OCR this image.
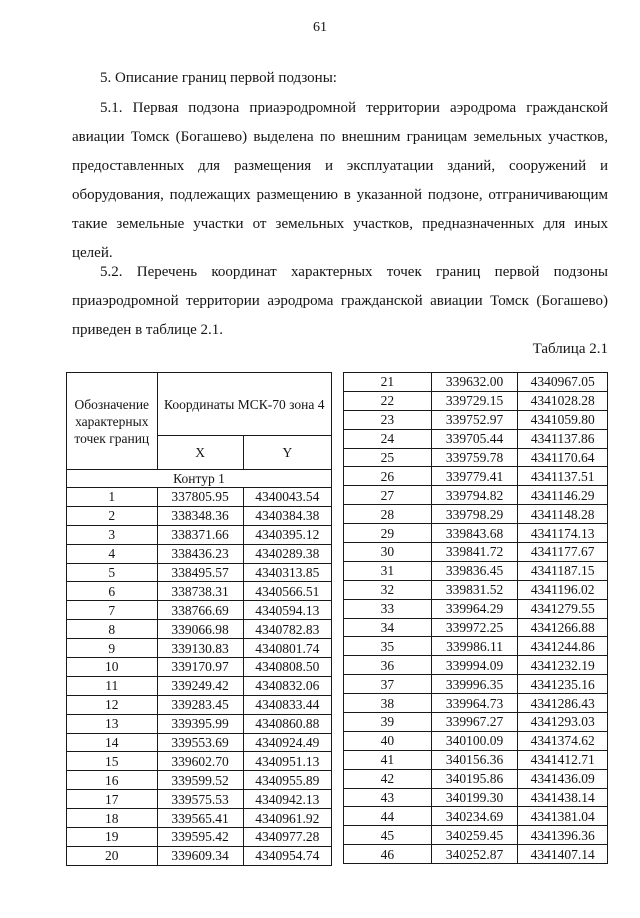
61
5. Описание границ первой подзоны:
5.1. Первая подзона приаэродромной территории аэродрома гражданской авиации Томск (Богашево) выделена по внешним границам земельных участков, предоставленных для размещения и эксплуатации зданий, сооружений и оборудования, подлежащих размещению в указанной подзоне, отграничивающим такие земельные участки от земельных участков, предназначенных для иных целей.
5.2. Перечень координат характерных точек границ первой подзоны приаэродромной территории аэродрома гражданской авиации Томск (Богашево) приведен в таблице 2.1.
Таблица 2.1
Обозначение характерных точек границ	Координаты МСК-70 зона 4	
	X	Y
Контур 1		
1	337805.95	4340043.54
2	338348.36	4340384.38
3	338371.66	4340395.12
4	338436.23	4340289.38
5	338495.57	4340313.85
6	338738.31	4340566.51
7	338766.69	4340594.13
8	339066.98	4340782.83
9	339130.83	4340801.74
10	339170.97	4340808.50
11	339249.42	4340832.06
12	339283.45	4340833.44
13	339395.99	4340860.88
14	339553.69	4340924.49
15	339602.70	4340951.13
16	339599.52	4340955.89
17	339575.53	4340942.13
18	339565.41	4340961.92
19	339595.42	4340977.28
20	339609.34	4340954.74
21	339632.00	4340967.05
22	339729.15	4341028.28
23	339752.97	4341059.80
24	339705.44	4341137.86
25	339759.78	4341170.64
26	339779.41	4341137.51
27	339794.82	4341146.29
28	339798.29	4341148.28
29	339843.68	4341174.13
30	339841.72	4341177.67
31	339836.45	4341187.15
32	339831.52	4341196.02
33	339964.29	4341279.55
34	339972.25	4341266.88
35	339986.11	4341244.86
36	339994.09	4341232.19
37	339996.35	4341235.16
38	339964.73	4341286.43
39	339967.27	4341293.03
40	340100.09	4341374.62
41	340156.36	4341412.71
42	340195.86	4341436.09
43	340199.30	4341438.14
44	340234.69	4341381.04
45	340259.45	4341396.36
46	340252.87	4341407.14
